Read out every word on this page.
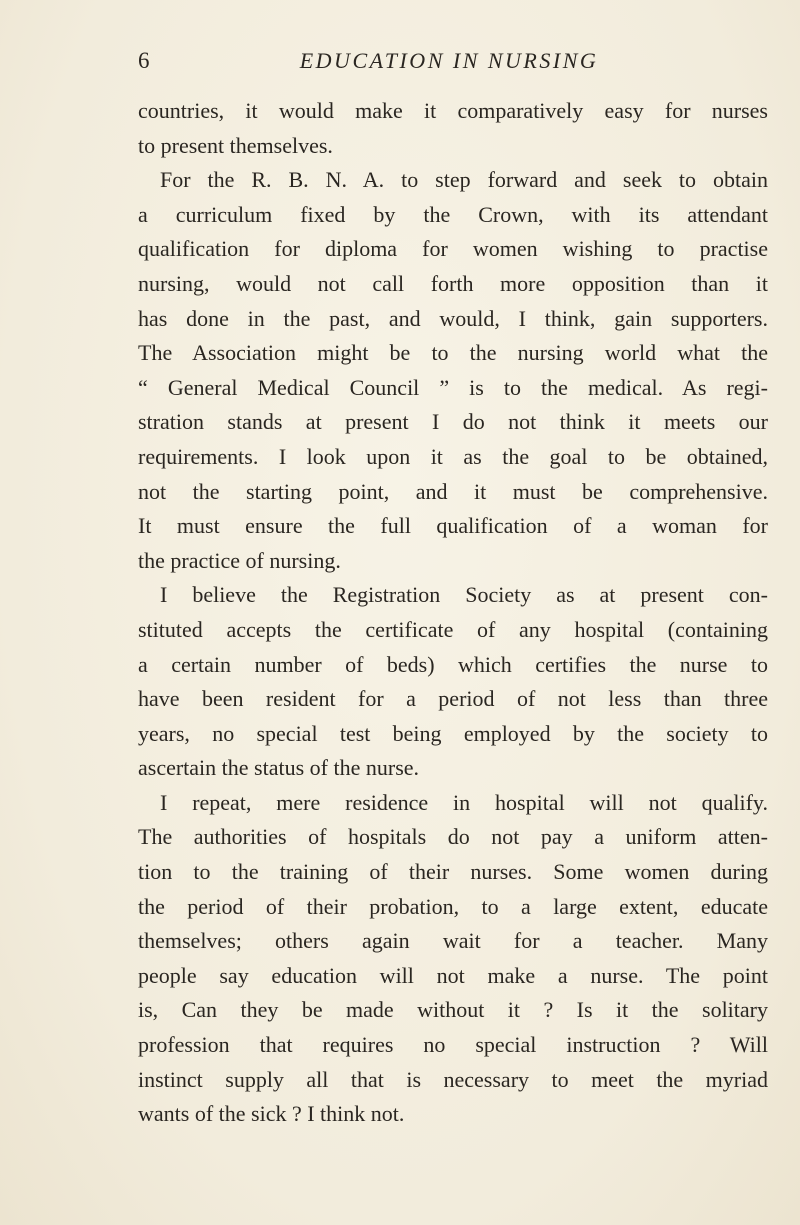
6	EDUCATION IN NURSING
countries, it would make it comparatively easy for nurses
to present themselves.
For the R. B. N. A. to step forward and seek to obtain
a curriculum fixed by the Crown, with its attendant
qualification for diploma for women wishing to practise
nursing, would not call forth more opposition than it
has done in the past, and would, I think, gain supporters.
The Association might be to the nursing world what the
“ General Medical Council ” is to the medical. As regi-
stration stands at present I do not think it meets our
requirements. I look upon it as the goal to be obtained,
not the starting point, and it must be comprehensive.
It must ensure the full qualification of a woman for
the practice of nursing.
I believe the Registration Society as at present con-
stituted accepts the certificate of any hospital (containing
a certain number of beds) which certifies the nurse to
have been resident for a period of not less than three
years, no special test being employed by the society to
ascertain the status of the nurse.
I repeat, mere residence in hospital will not qualify.
The authorities of hospitals do not pay a uniform atten-
tion to the training of their nurses. Some women during
the period of their probation, to a large extent, educate
themselves; others again wait for a teacher. Many
people say education will not make a nurse. The point
is, Can they be made without it ? Is it the solitary
profession that requires no special instruction ? Will
instinct supply all that is necessary to meet the myriad
wants of the sick ? I think not.
